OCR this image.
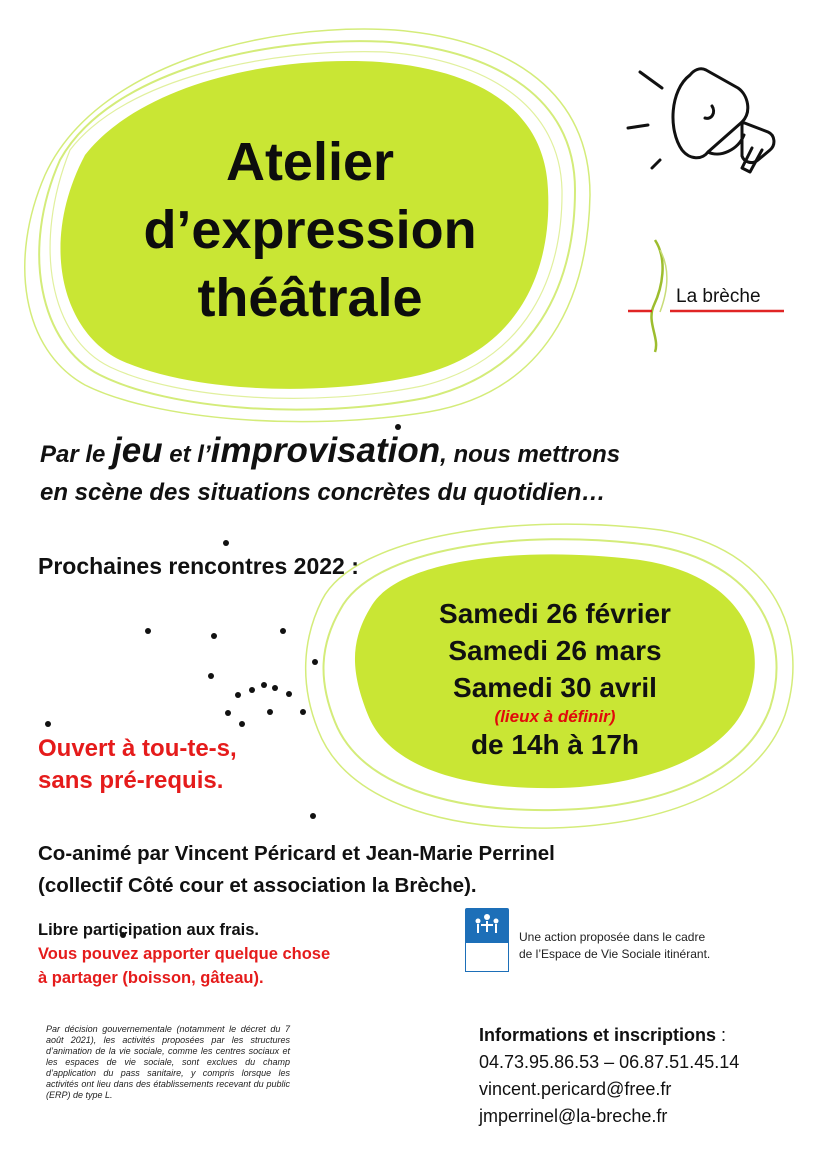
Atelier
d’expression
théâtrale	La brèche
Par le jeu et l’improvisation, nous mettrons
en scène des situations concrètes du quotidien…
Prochaines rencontres 2022 :
Samedi 26 février
Samedi 26 mars
Samedi 30 avril
(lieux à définir)
de 14h à 17h
Ouvert à tou-te-s,
sans pré-requis.
Co-animé par Vincent Péricard et Jean-Marie Perrinel
(collectif Côté cour et association la Brèche).
Libre participation aux frais.
Vous pouvez apporter quelque chose
à partager (boisson, gâteau).
Une action proposée dans le cadre
de l’Espace de Vie Sociale itinérant.
Par décision gouvernementale (notamment le décret du 7 août 2021), les activités proposées par les structures d’animation de la vie sociale, comme les centres sociaux et les espaces de vie sociale, sont exclues du champ d’application du pass sanitaire, y compris lorsque les activités ont lieu dans des établissements recevant du public (ERP) de type L.
Informations et inscriptions :
04.73.95.86.53 – 06.87.51.45.14
vincent.pericard@free.fr
jmperrinel@la-breche.fr
